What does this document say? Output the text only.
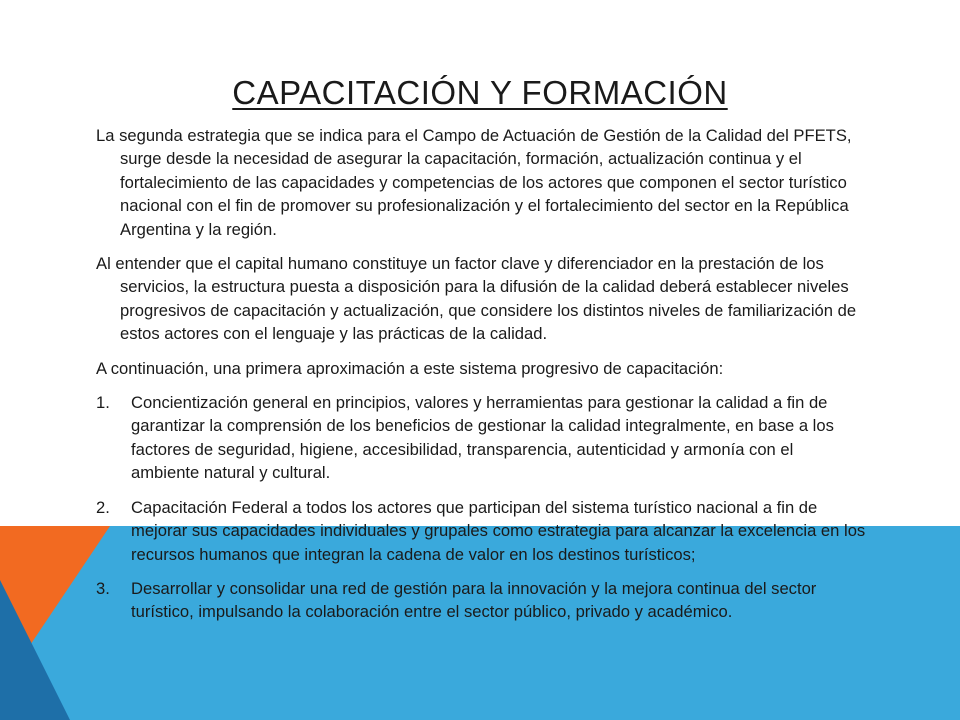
CAPACITACIÓN Y FORMACIÓN

La segunda estrategia que se indica para el Campo de Actuación de Gestión de la Calidad del PFETS, surge desde la necesidad de asegurar la capacitación, formación, actualización continua y el fortalecimiento de las capacidades y competencias de los actores que componen el sector turístico nacional con el fin de promover su profesionalización y el fortalecimiento del sector en la República Argentina y la región.

Al entender que el capital humano constituye un factor clave y diferenciador en la prestación de los servicios, la estructura puesta a disposición para la difusión de la calidad deberá establecer niveles progresivos de capacitación y actualización, que considere los distintos niveles de familiarización de estos actores con el lenguaje y las prácticas de la calidad.

A continuación, una primera aproximación a este sistema progresivo de capacitación:

1. Concientización general en principios, valores y herramientas para gestionar la calidad a fin de garantizar la comprensión de los beneficios de gestionar la calidad integralmente, en base a los factores de seguridad, higiene, accesibilidad, transparencia, autenticidad y armonía con el ambiente natural y cultural.
2. Capacitación Federal a todos los actores que participan del sistema turístico nacional a fin de mejorar sus capacidades individuales y grupales como estrategia para alcanzar la excelencia en los recursos humanos que integran la cadena de valor en los destinos turísticos;
3. Desarrollar y consolidar una red de gestión para la innovación y la mejora continua del sector turístico, impulsando la colaboración entre el sector público, privado y académico.
